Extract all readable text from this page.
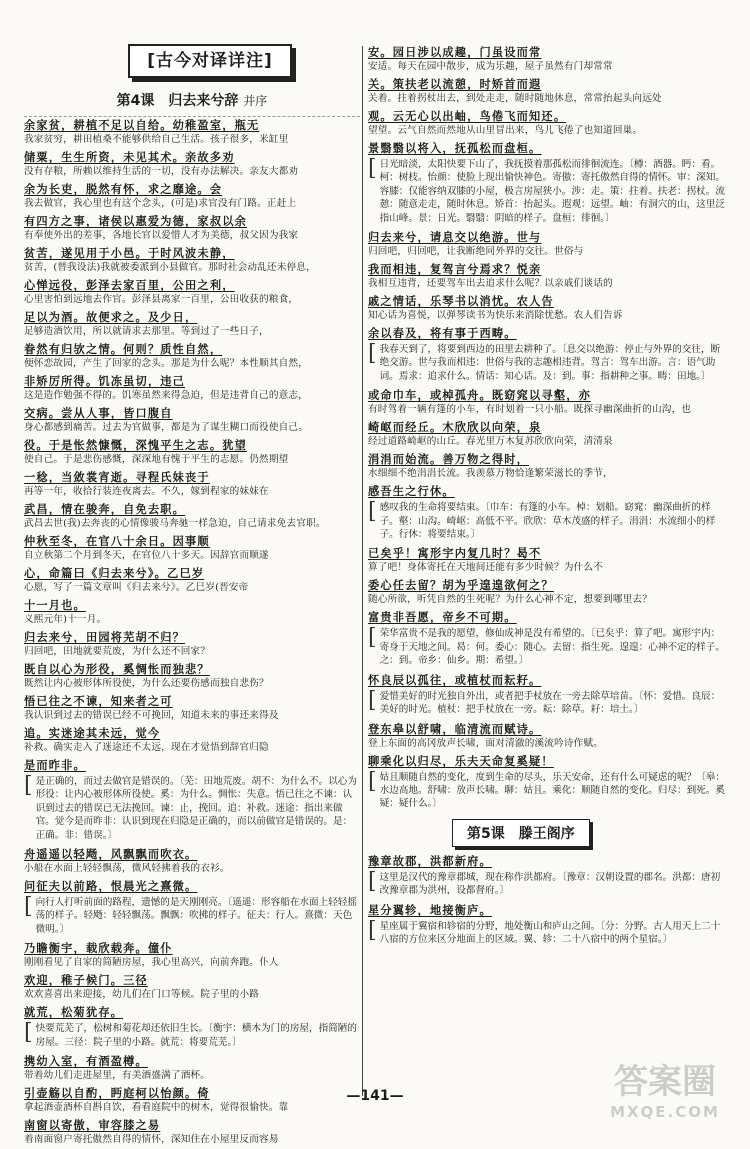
[古今对译详注]
第4课　归去来兮辞 并序

余家贫，耕植不足以自给。幼稚盈室，瓶无

我家贫穷，耕田植桑不能够供给自己生活。孩子很多，米缸里

储粟，生生所资，未见其术。亲故多劝

没有存粮，所赖以维持生活的一切，没有办法解决。亲友大都劝

余为长吏，脱然有怀，求之靡途。会

我去做官，我心里也有这个念头，(可是)求官没有门路。正赶上

有四方之事，诸侯以惠爱为德，家叔以余

有奉使外出的差事，各地长官以爱惜人才为美德，叔父因为我家

贫苦，遂见用于小邑。于时风波未静，

贫苦，(替我设法)我就被委派到小县做官。那时社会动乱还未停息，

心惮远役，彭泽去家百里，公田之利，

心里害怕到远地去作官。彭泽县离家一百里，公田收获的粮食，

足以为酒。故便求之。及少日，

足够造酒饮用，所以就请求去那里。等到过了一些日子，

眷然有归欤之情。何则？质性自然，

便怀恋故园，产生了回家的念头。那是为什么呢？本性顺其自然，

非矫厉所得。饥冻虽切，违己

这是造作勉强不得的。饥寒虽然来得急迫，但是违背自己的意志，

交病。尝从人事，皆口腹自

身心都感到痛苦。过去为官做事，都是为了谋生糊口而役使自己。

役。于是怅然慷慨，深愧平生之志。犹望

使自己。于是悲伤感慨，深深地有愧于平生的志愿。仍然期望

一稔，当敛裳宵逝。寻程氏妹丧于

再等一年，收拾行装连夜离去。不久，嫁到程家的妹妹在

武昌，情在骏奔，自免去职。

武昌去世(我)去奔丧的心情像骏马奔驰一样急迫，自己请求免去官职。

仲秋至冬，在官八十余日。因事顺

自立秋第二个月到冬天，在官位八十多天。因辞官而顺遂

心，命篇曰《归去来兮》。乙巳岁

心愿，写了一篇文章叫《归去来兮》。乙巳岁(晋安帝

十一月也。

义熙元年)十一月。

归去来兮，田园将芜胡不归？

归回吧，田地就要荒废，为什么还不回家？

既自以心为形役，奚惆怅而独悲？

既然让内心被形体所役使，为什么还要伤感而独自悲伤？

悟已往之不谏，知来者之可

我认识到过去的错误已经不可挽回，知道未来的事还来得及

追。实迷途其未远，觉今

补救。确实走入了迷途还不太远，现在才觉悟到辞官归隐

是而昨非。

[ 是正确的，而过去做官是错误的。〔芜：田地荒废。胡不：为什么不。以心为形役：让内心被形体所役使。奚：为什么。惆怅：失意。悟已往之不谏：认识到过去的错误已无法挽回。谏：止，挽回。追：补救。迷途：指出来做官。觉今是而昨非：认识到现在归隐是正确的，而以前做官是错误的。是：正确。非：错误。〕

舟遥遥以轻飏，风飘飘而吹衣。

小船在水面上轻轻飘荡，微风轻拂着我的衣衫。

问征夫以前路，恨晨光之熹微。

[ 向行人打听前面的路程，遗憾的是天刚刚亮。〔遥遥：形容船在水面上轻轻摇荡的样子。轻飏：轻轻飘荡。飘飘：吹拂的样子。征夫：行人。熹微：天色微明。〕

乃瞻衡宇，载欣载奔。僮仆

刚刚看见了自家的简陋房屋，我心里高兴，向前奔跑。仆人

欢迎，稚子候门。三径

欢欢喜喜出来迎接，幼儿们在门口等候。院子里的小路

就荒，松菊犹存。

[ 快要荒芜了，松树和菊花却还依旧生长。〔衡宇：横木为门的房屋，指简陋的房屋。三径：院子里的小路。就荒：将要荒芜。〕

携幼入室，有酒盈樽。

带着幼儿们走进屋里，有美酒盛满了酒杯。

引壶觞以自酌，眄庭柯以怡颜。倚

拿起酒壶酒杯自斟自饮，看看庭院中的树木，觉得很愉快。靠

南窗以寄傲，审容膝之易

着南面窗户寄托傲然自得的情怀，深知住在小屋里反而容易

安。园日涉以成趣，门虽设而常

安适。每天在园中散步，成为乐趣，屋子虽然有门却常常

关。策扶老以流憩，时矫首而遐

关着。拄着拐杖出去，到处走走，随时随地休息，常常抬起头向远处

观。云无心以出岫，鸟倦飞而知还。

望望。云气自然而然地从山里冒出来，鸟儿飞倦了也知道回巢。

景翳翳以将入，抚孤松而盘桓。

[ 日光暗淡，太阳快要下山了，我抚摸着那孤松而徘徊流连。〔樽：酒器。眄：看。柯：树枝。怡颜：使脸上现出愉快神色。寄傲：寄托傲然自得的情怀。审：深知。容膝：仅能容纳双膝的小屋，极言房屋狭小。涉：走。策：拄着。扶老：拐杖。流憩：随意走走，随时休息。矫首：抬起头。遐观：远望。岫：有洞穴的山，这里泛指山峰。景：日光。翳翳：阴暗的样子。盘桓：徘徊。〕

归去来兮，请息交以绝游。世与

归回吧，归回吧，让我断绝同外界的交往。世俗与

我而相违，复驾言兮焉求？悦亲

我相互违背，还要驾车出去追求什么呢？以亲戚们谈话的

戚之情话，乐琴书以消忧。农人告

知心话为喜悦，以弹琴读书为快乐来消除忧愁。农人们告诉

余以春及，将有事于西畴。

[ 我春天到了，将要到西边的田里去耕种了。〔息交以绝游：停止与外界的交往，断绝交游。世与我而相违：世俗与我的志趣相违背。驾言：驾车出游。言：语气助词。焉求：追求什么。情话：知心话。及：到。事：指耕种之事。畴：田地。〕

或命巾车，或棹孤舟。既窈窕以寻壑，亦

有时驾着一辆有篷的小车，有时划着一只小船。既探寻幽深曲折的山沟，也

崎岖而经丘。木欣欣以向荣，泉

经过道路崎岖的山丘。春光里万木复苏欣欣向荣，清清泉

涓涓而始流。善万物之得时，

水细细不绝涓涓长流。我羡慕万物恰逢繁荣滋长的季节，

感吾生之行休。

[ 感叹我的生命将要结束。〔巾车：有篷的小车。棹：划船。窈窕：幽深曲折的样子。壑：山沟。崎岖：高低不平。欣欣：草木茂盛的样子。涓涓：水流细小的样子。行休：将要结束。〕

已矣乎！寓形宇内复几时？曷不

算了吧！身体寄托在天地间还能有多少时候？为什么不

委心任去留？胡为乎遑遑欲何之？

随心所欲，听凭自然的生死呢？为什么心神不定，想要到哪里去？

富贵非吾愿，帝乡不可期。

[ 荣华富贵不是我的愿望，修仙成神是没有希望的。〔已矣乎：算了吧。寓形宇内：寄身于天地之间。曷：何。委心：随心。去留：指生死。遑遑：心神不定的样子。之：到。帝乡：仙乡。期：希望。〕

怀良辰以孤往，或植杖而耘耔。

[ 爱惜美好的时光独自外出，或者把手杖放在一旁去除草培苗。〔怀：爱惜。良辰：美好的时光。植杖：把手杖放在一旁。耘：除草。耔：培土。〕

登东皋以舒啸，临清流而赋诗。

登上东面的高冈放声长啸，面对清澈的溪流吟诗作赋。

聊乘化以归尽，乐夫天命复奚疑！

[ 姑且顺随自然的变化，度到生命的尽头，乐天安命，还有什么可疑虑的呢？〔皋：水边高地。舒啸：放声长啸。聊：姑且。乘化：顺随自然的变化。归尽：到死。奚疑：疑什么。〕
第5课　滕王阁序

豫章故郡，洪都新府。

[ 这里是汉代的豫章郡城，现在称作洪都府。〔豫章：汉朝设置的郡名。洪都：唐初改豫章郡为洪州，设都督府。〕

星分翼轸，地接衡庐。

[ 星座属于翼宿和轸宿的分野，地处衡山和庐山之间。〔分：分野。古人用天上二十八宿的方位来区分地面上的区域。翼、轸：二十八宿中的两个星宿。〕
—141—	答案圈
MXQE.COM
